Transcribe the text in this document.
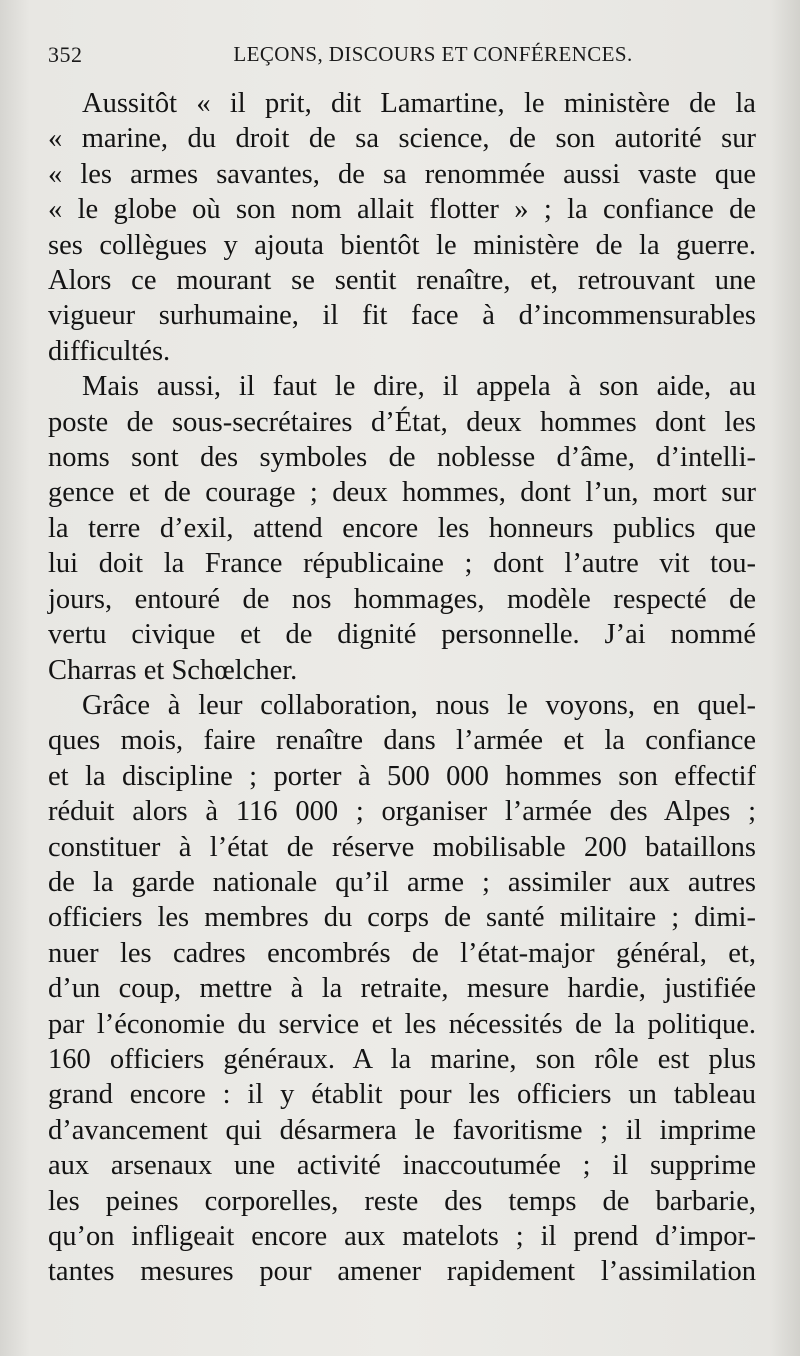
352	LEÇONS, DISCOURS ET CONFÉRENCES.
Aussitôt « il prit, dit Lamartine, le ministère de la
« marine, du droit de sa science, de son autorité sur
« les armes savantes, de sa renommée aussi vaste que
« le globe où son nom allait flotter » ; la confiance de
ses collègues y ajouta bientôt le ministère de la guerre.
Alors ce mourant se sentit renaître, et, retrouvant une
vigueur surhumaine, il fit face à d’incommensurables
difficultés.
Mais aussi, il faut le dire, il appela à son aide, au
poste de sous-secrétaires d’État, deux hommes dont les
noms sont des symboles de noblesse d’âme, d’intelli-
gence et de courage ; deux hommes, dont l’un, mort sur
la terre d’exil, attend encore les honneurs publics que
lui doit la France républicaine ; dont l’autre vit tou-
jours, entouré de nos hommages, modèle respecté de
vertu civique et de dignité personnelle. J’ai nommé
Charras et Schœlcher.
Grâce à leur collaboration, nous le voyons, en quel-
ques mois, faire renaître dans l’armée et la confiance
et la discipline ; porter à 500 000 hommes son effectif
réduit alors à 116 000 ; organiser l’armée des Alpes ;
constituer à l’état de réserve mobilisable 200 bataillons
de la garde nationale qu’il arme ; assimiler aux autres
officiers les membres du corps de santé militaire ; dimi-
nuer les cadres encombrés de l’état-major général, et,
d’un coup, mettre à la retraite, mesure hardie, justifiée
par l’économie du service et les nécessités de la politique.
160 officiers généraux. A la marine, son rôle est plus
grand encore : il y établit pour les officiers un tableau
d’avancement qui désarmera le favoritisme ; il imprime
aux arsenaux une activité inaccoutumée ; il supprime
les peines corporelles, reste des temps de barbarie,
qu’on infligeait encore aux matelots ; il prend d’impor-
tantes mesures pour amener rapidement l’assimilation
